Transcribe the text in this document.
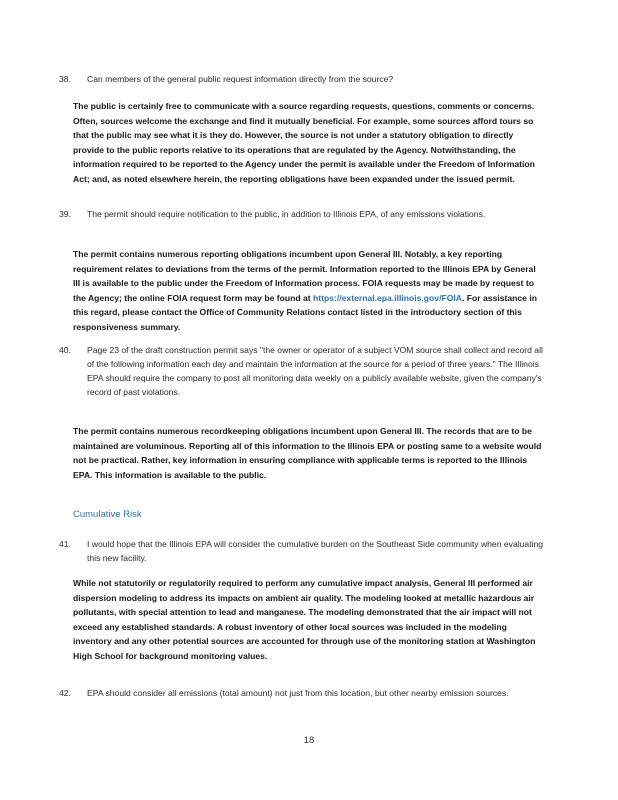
38.	Can members of the general public request information directly from the source?
The public is certainly free to communicate with a source regarding requests, questions, comments or concerns. Often, sources welcome the exchange and find it mutually beneficial. For example, some sources afford tours so that the public may see what it is they do. However, the source is not under a statutory obligation to directly provide to the public reports relative to its operations that are regulated by the Agency. Notwithstanding, the information required to be reported to the Agency under the permit is available under the Freedom of Information Act; and, as noted elsewhere herein, the reporting obligations have been expanded under the issued permit.
39.	The permit should require notification to the public, in addition to Illinois EPA, of any emissions violations.
The permit contains numerous reporting obligations incumbent upon General III. Notably, a key reporting requirement relates to deviations from the terms of the permit. Information reported to the Illinois EPA by General III is available to the public under the Freedom of Information process. FOIA requests may be made by request to the Agency; the online FOIA request form may be found at https://external.epa.illinois.gov/FOIA. For assistance in this regard, please contact the Office of Community Relations contact listed in the introductory section of this responsiveness summary.
40.	Page 23 of the draft construction permit says "the owner or operator of a subject VOM source shall collect and record all of the following information each day and maintain the information at the source for a period of three years." The Illinois EPA should require the company to post all monitoring data weekly on a publicly available website, given the company's record of past violations.
The permit contains numerous recordkeeping obligations incumbent upon General III. The records that are to be maintained are voluminous. Reporting all of this information to the Illinois EPA or posting same to a website would not be practical. Rather, key information in ensuring compliance with applicable terms is reported to the Illinois EPA. This information is available to the public.
Cumulative Risk
41.	I would hope that the Illinois EPA will consider the cumulative burden on the Southeast Side community when evaluating this new facility.
While not statutorily or regulatorily required to perform any cumulative impact analysis, General III performed air dispersion modeling to address its impacts on ambient air quality. The modeling looked at metallic hazardous air pollutants, with special attention to lead and manganese. The modeling demonstrated that the air impact will not exceed any established standards. A robust inventory of other local sources was included in the modeling inventory and any other potential sources are accounted for through use of the monitoring station at Washington High School for background monitoring values.
42.	EPA should consider all emissions (total amount) not just from this location, but other nearby emission sources.
18
